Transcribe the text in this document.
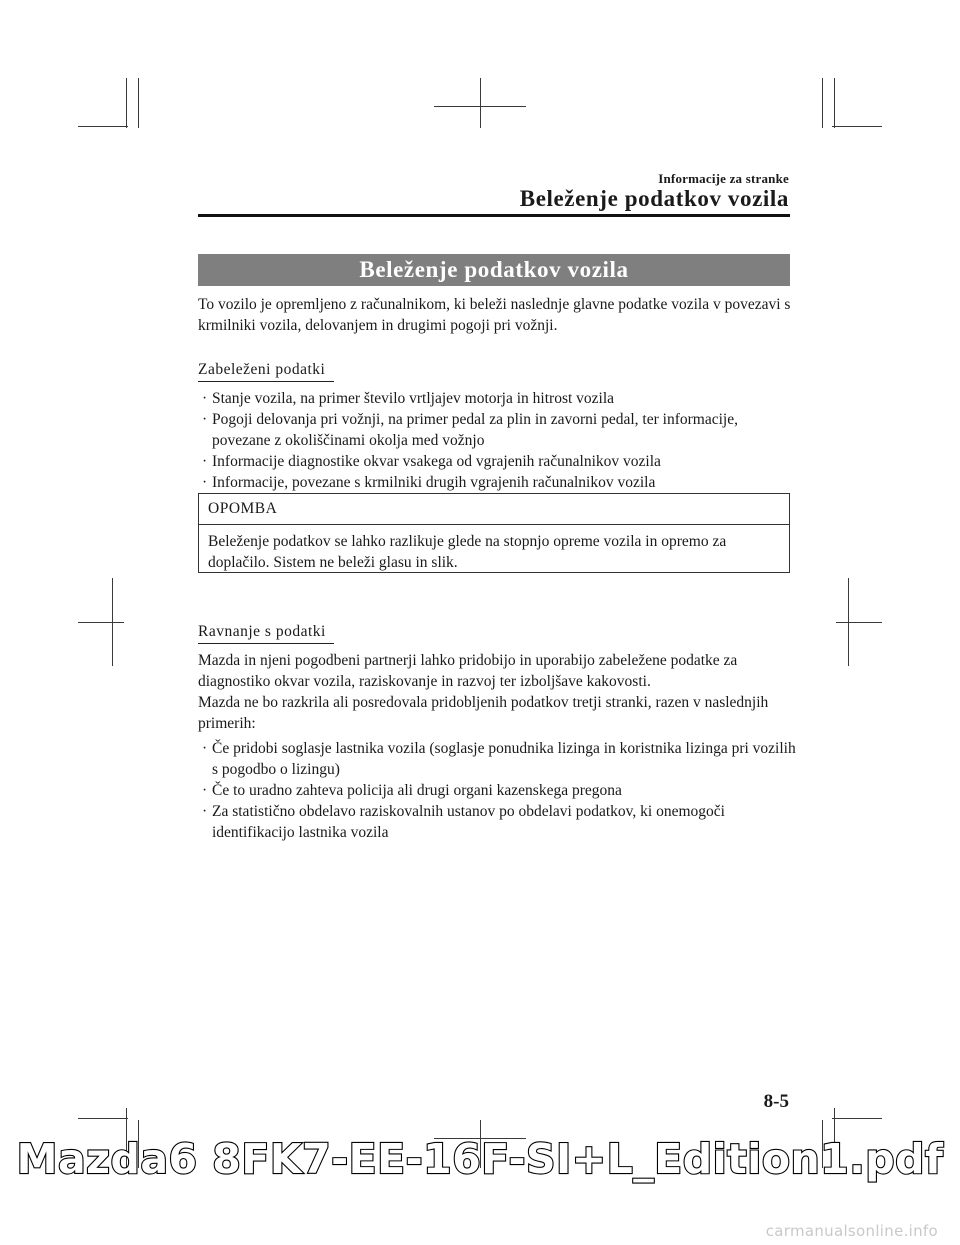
Informacije za stranke
Beleženje podatkov vozila
Beleženje podatkov vozila

To vozilo je opremljeno z računalnikom, ki beleži naslednje glavne podatke vozila v povezavi s krmilniki vozila, delovanjem in drugimi pogoji pri vožnji.

Zabeleženi podatki
· Stanje vozila, na primer število vrtljajev motorja in hitrost vozila
· Pogoji delovanja pri vožnji, na primer pedal za plin in zavorni pedal, ter informacije, povezane z okoliščinami okolja med vožnjo
· Informacije diagnostike okvar vsakega od vgrajenih računalnikov vozila
· Informacije, povezane s krmilniki drugih vgrajenih računalnikov vozila
OPOMBA
Beleženje podatkov se lahko razlikuje glede na stopnjo opreme vozila in opremo za doplačilo. Sistem ne beleži glasu in slik.
Ravnanje s podatki

Mazda in njeni pogodbeni partnerji lahko pridobijo in uporabijo zabeležene podatke za diagnostiko okvar vozila, raziskovanje in razvoj ter izboljšave kakovosti.

Mazda ne bo razkrila ali posredovala pridobljenih podatkov tretji stranki, razen v naslednjih primerih:

· Če pridobi soglasje lastnika vozila (soglasje ponudnika lizinga in koristnika lizinga pri vozilih s pogodbo o lizingu)
· Če to uradno zahteva policija ali drugi organi kazenskega pregona
· Za statistično obdelavo raziskovalnih ustanov po obdelavi podatkov, ki onemogoči identifikacijo lastnika vozila
8-5
Mazda6 8FK7-EE-16F-SI+L_Edition1.pdf
carmanualsonline.info
